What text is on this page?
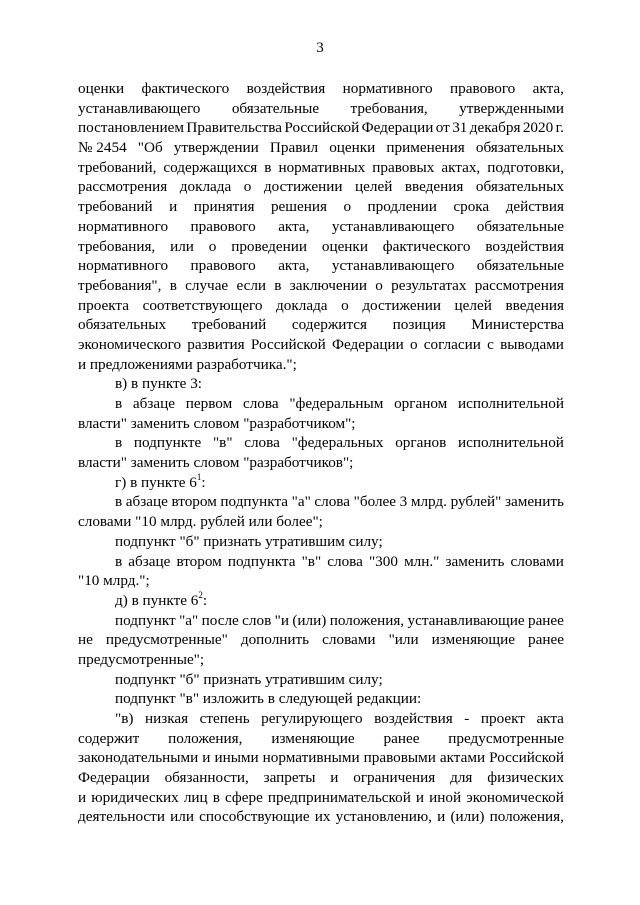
3
оценки фактического воздействия нормативного правового акта,
устанавливающего обязательные требования, утвержденными
постановлением Правительства Российской Федерации от 31 декабря 2020 г.
№ 2454 "Об утверждении Правил оценки применения обязательных
требований, содержащихся в нормативных правовых актах, подготовки,
рассмотрения доклада о достижении целей введения обязательных
требований и принятия решения о продлении срока действия
нормативного правового акта, устанавливающего обязательные
требования, или о проведении оценки фактического воздействия
нормативного правового акта, устанавливающего обязательные
требования", в случае если в заключении о результатах рассмотрения
проекта соответствующего доклада о достижении целей введения
обязательных требований содержится позиция Министерства
экономического развития Российской Федерации о согласии с выводами
и предложениями разработчика.";
в) в пункте 3:
в абзаце первом слова "федеральным органом исполнительной
власти" заменить словом "разработчиком";
в подпункте "в" слова "федеральных органов исполнительной
власти" заменить словом "разработчиков";
г) в пункте $6^1$:
в абзаце втором подпункта "а" слова "более 3 млрд. рублей" заменить
словами "10 млрд. рублей или более";
подпункт "б" признать утратившим силу;
в абзаце втором подпункта "в" слова "300 млн." заменить словами
"10 млрд.";
д) в пункте $6^2$:
подпункт "а" после слов "и (или) положения, устанавливающие ранее
не предусмотренные" дополнить словами "или изменяющие ранее
предусмотренные";
подпункт "б" признать утратившим силу;
подпункт "в" изложить в следующей редакции:
"в) низкая степень регулирующего воздействия - проект акта
содержит положения, изменяющие ранее предусмотренные
законодательными и иными нормативными правовыми актами Российской
Федерации обязанности, запреты и ограничения для физических
и юридических лиц в сфере предпринимательской и иной экономической
деятельности или способствующие их установлению, и (или) положения,
